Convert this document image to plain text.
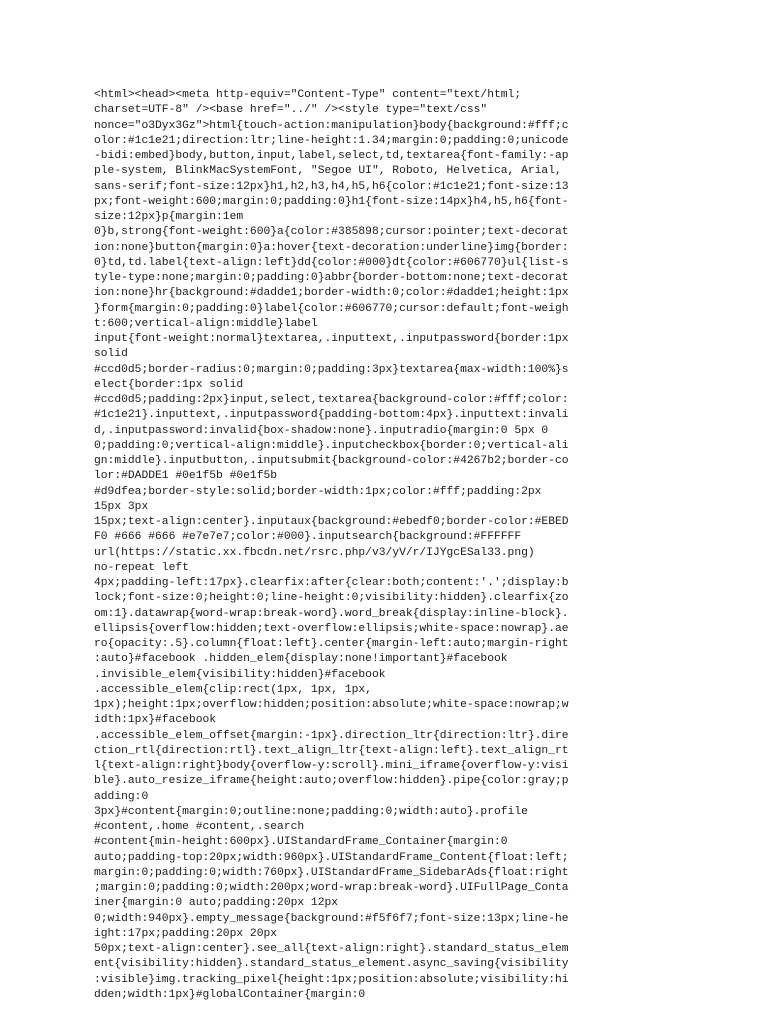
<html><head><meta http-equiv="Content-Type" content="text/html;
charset=UTF-8" /><base href="../" /><style type="text/css"
nonce="o3Dyx3Gz">html{touch-action:manipulation}body{background:#fff;c
olor:#1c1e21;direction:ltr;line-height:1.34;margin:0;padding:0;unicode
-bidi:embed}body,button,input,label,select,td,textarea{font-family:-ap
ple-system, BlinkMacSystemFont, "Segoe UI", Roboto, Helvetica, Arial,
sans-serif;font-size:12px}h1,h2,h3,h4,h5,h6{color:#1c1e21;font-size:13
px;font-weight:600;margin:0;padding:0}h1{font-size:14px}h4,h5,h6{font-
size:12px}p{margin:1em
0}b,strong{font-weight:600}a{color:#385898;cursor:pointer;text-decorat
ion:none}button{margin:0}a:hover{text-decoration:underline}img{border:
0}td,td.label{text-align:left}dd{color:#000}dt{color:#606770}ul{list-s
tyle-type:none;margin:0;padding:0}abbr{border-bottom:none;text-decorat
ion:none}hr{background:#dadde1;border-width:0;color:#dadde1;height:1px
}form{margin:0;padding:0}label{color:#606770;cursor:default;font-weigh
t:600;vertical-align:middle}label
input{font-weight:normal}textarea,.inputtext,.inputpassword{border:1px
solid
#ccd0d5;border-radius:0;margin:0;padding:3px}textarea{max-width:100%}s
elect{border:1px solid
#ccd0d5;padding:2px}input,select,textarea{background-color:#fff;color:
#1c1e21}.inputtext,.inputpassword{padding-bottom:4px}.inputtext:invali
d,.inputpassword:invalid{box-shadow:none}.inputradio{margin:0 5px 0
0;padding:0;vertical-align:middle}.inputcheckbox{border:0;vertical-ali
gn:middle}.inputbutton,.inputsubmit{background-color:#4267b2;border-co
lor:#DADDE1 #0e1f5b #0e1f5b
#d9dfea;border-style:solid;border-width:1px;color:#fff;padding:2px
15px 3px
15px;text-align:center}.inputaux{background:#ebedf0;border-color:#EBED
F0 #666 #666 #e7e7e7;color:#000}.inputsearch{background:#FFFFFF
url(https://static.xx.fbcdn.net/rsrc.php/v3/yV/r/IJYgcESal33.png)
no-repeat left
4px;padding-left:17px}.clearfix:after{clear:both;content:'.';display:b
lock;font-size:0;height:0;line-height:0;visibility:hidden}.clearfix{zo
om:1}.datawrap{word-wrap:break-word}.word_break{display:inline-block}.
ellipsis{overflow:hidden;text-overflow:ellipsis;white-space:nowrap}.ae
ro{opacity:.5}.column{float:left}.center{margin-left:auto;margin-right
:auto}#facebook .hidden_elem{display:none!important}#facebook
.invisible_elem{visibility:hidden}#facebook
.accessible_elem{clip:rect(1px, 1px, 1px,
1px);height:1px;overflow:hidden;position:absolute;white-space:nowrap;w
idth:1px}#facebook
.accessible_elem_offset{margin:-1px}.direction_ltr{direction:ltr}.dire
ction_rtl{direction:rtl}.text_align_ltr{text-align:left}.text_align_rt
l{text-align:right}body{overflow-y:scroll}.mini_iframe{overflow-y:visi
ble}.auto_resize_iframe{height:auto;overflow:hidden}.pipe{color:gray;p
adding:0
3px}#content{margin:0;outline:none;padding:0;width:auto}.profile
#content,.home #content,.search
#content{min-height:600px}.UIStandardFrame_Container{margin:0
auto;padding-top:20px;width:960px}.UIStandardFrame_Content{float:left;
margin:0;padding:0;width:760px}.UIStandardFrame_SidebarAds{float:right
;margin:0;padding:0;width:200px;word-wrap:break-word}.UIFullPage_Conta
iner{margin:0 auto;padding:20px 12px
0;width:940px}.empty_message{background:#f5f6f7;font-size:13px;line-he
ight:17px;padding:20px 20px
50px;text-align:center}.see_all{text-align:right}.standard_status_elem
ent{visibility:hidden}.standard_status_element.async_saving{visibility
:visible}img.tracking_pixel{height:1px;position:absolute;visibility:hi
dden;width:1px}#globalContainer{margin:0
